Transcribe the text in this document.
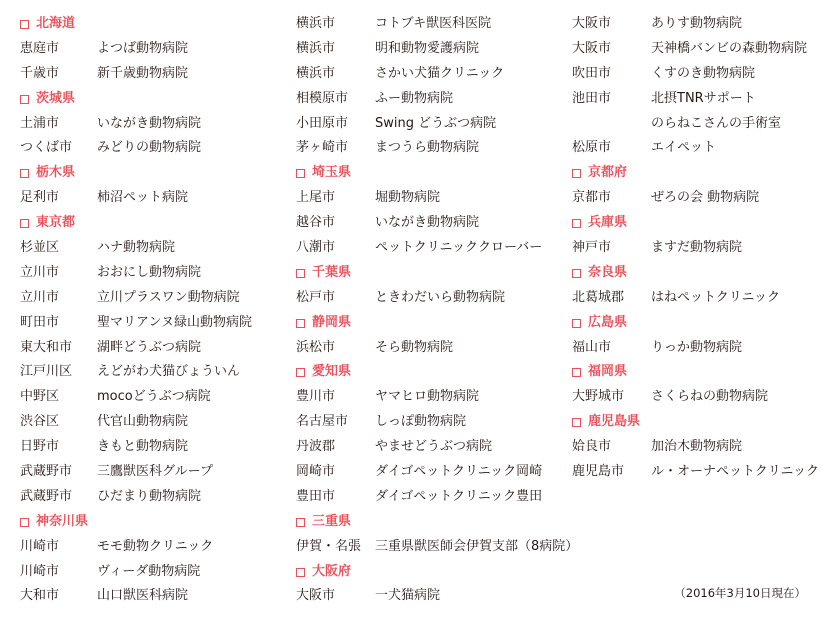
北海道
恵庭市	よつば動物病院
千歳市	新千歳動物病院
茨城県
土浦市	いながき動物病院
つくば市 みどりの動物病院
栃木県
足利市	柿沼ペット病院
東京都
杉並区	ハナ動物病院
立川市	おおにし動物病院
立川市	立川プラスワン動物病院
町田市	聖マリアンヌ緑山動物病院
東大和市 湖畔どうぶつ病院
江戸川区 えどがわ犬猫びょういん
中野区	mocoどうぶつ病院
渋谷区	代官山動物病院
日野市	きもと動物病院
武蔵野市 三鷹獣医科グループ
武蔵野市 ひだまり動物病院
神奈川県
川崎市	モモ動物クリニック
川崎市	ヴィーダ動物病院
大和市	山口獣医科病院
横浜市	コトブキ獣医科医院
横浜市	明和動物愛護病院
横浜市	さかい犬猫クリニック
相模原市 ふー動物病院
小田原市 Swing どうぶつ病院
茅ヶ崎市 まつうら動物病院
埼玉県
上尾市	堀動物病院
越谷市	いながき動物病院
八潮市	ペットクリニッククローバー
千葉県
松戸市	ときわだいら動物病院
静岡県
浜松市	そら動物病院
愛知県
豊川市	ヤマヒロ動物病院
名古屋市 しっぽ動物病院
丹波郡	やませどうぶつ病院
岡崎市	ダイゴペットクリニック岡崎
豊田市	ダイゴペットクリニック豊田
三重県
伊賀・名張 三重県獣医師会伊賀支部（8病院）
大阪府
大阪市	一犬猫病院
大阪市	ありす動物病院
大阪市	天神橋バンビの森動物病院
吹田市	くすのき動物病院
池田市	北摂TNRサポート
のらねこさんの手術室
松原市	エイペット
京都府
京都市	ぜろの会 動物病院
兵庫県
神戸市	ますだ動物病院
奈良県
北葛城郡 はねペットクリニック
広島県
福山市	りっか動物病院
福岡県
大野城市 さくらねの動物病院
鹿児島県
姶良市	加治木動物病院
鹿児島市 ル・オーナペットクリニック
（2016年3月10日現在）
